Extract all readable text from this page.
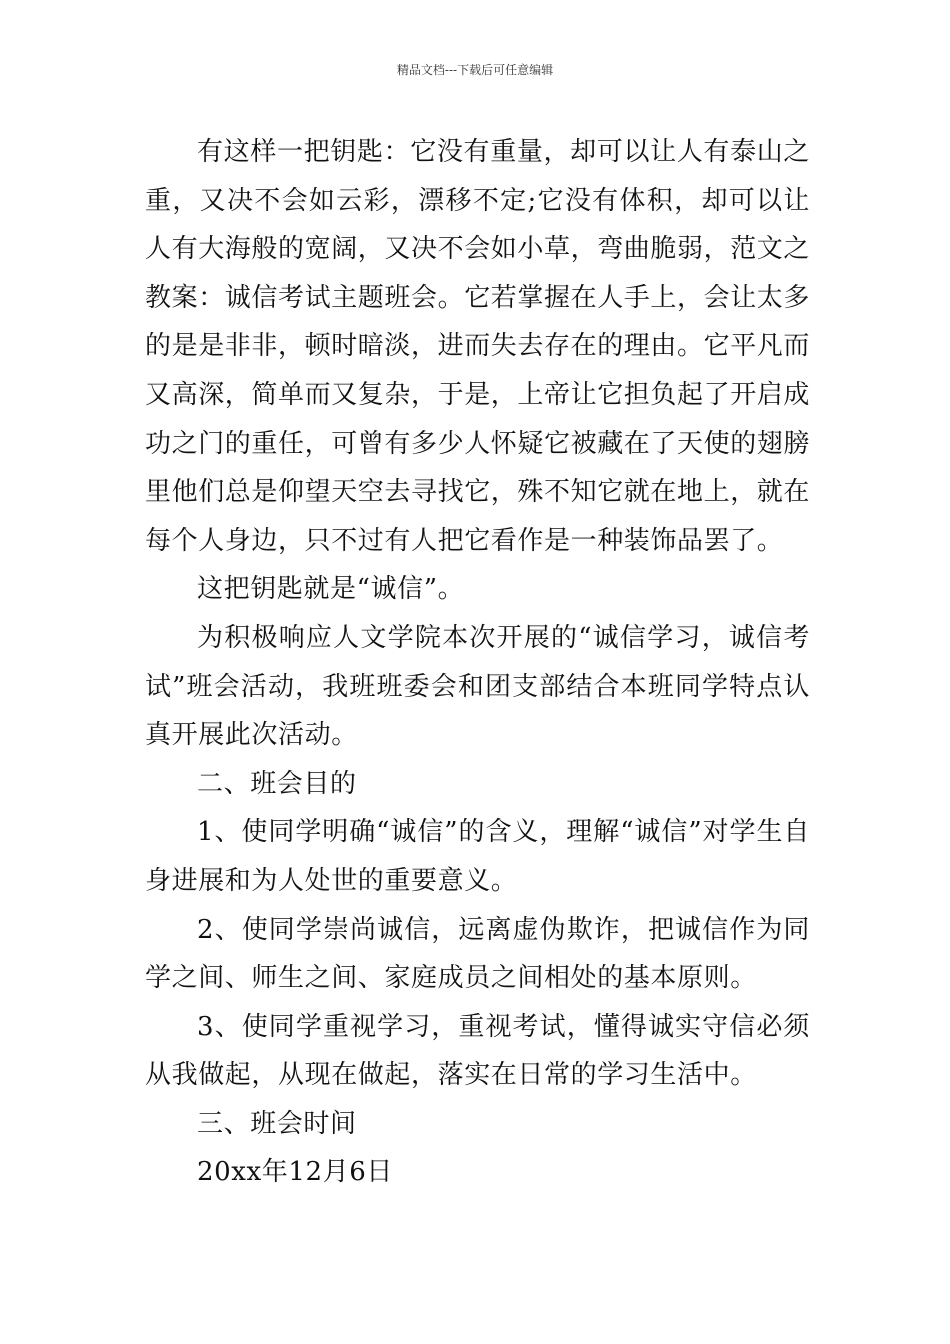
精品文档---下载后可任意编辑

有这样一把钥匙：它没有重量，却可以让人有泰山之重，又决不会如云彩，漂移不定;它没有体积，却可以让人有大海般的宽阔，又决不会如小草，弯曲脆弱，范文之教案：诚信考试主题班会。它若掌握在人手上，会让太多的是是非非，顿时暗淡，进而失去存在的理由。它平凡而又高深，简单而又复杂，于是，上帝让它担负起了开启成功之门的重任，可曾有多少人怀疑它被藏在了天使的翅膀里他们总是仰望天空去寻找它，殊不知它就在地上，就在每个人身边，只不过有人把它看作是一种装饰品罢了。

这把钥匙就是“诚信”。

为积极响应人文学院本次开展的“诚信学习，诚信考试”班会活动，我班班委会和团支部结合本班同学特点认真开展此次活动。

二、班会目的

1、使同学明确“诚信”的含义，理解“诚信”对学生自身进展和为人处世的重要意义。

2、使同学崇尚诚信，远离虚伪欺诈，把诚信作为同学之间、师生之间、家庭成员之间相处的基本原则。

3、使同学重视学习，重视考试，懂得诚实守信必须从我做起，从现在做起，落实在日常的学习生活中。

三、班会时间

20xx年12月6日
